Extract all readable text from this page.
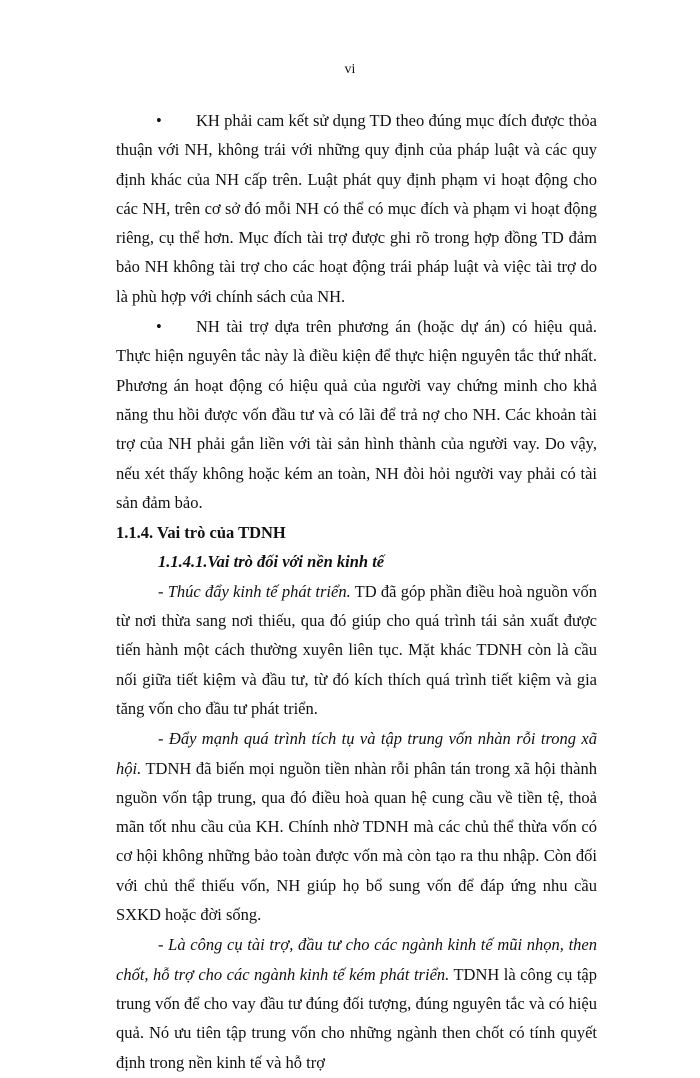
vi

• KH phải cam kết sử dụng TD theo đúng mục đích được thỏa thuận với NH, không trái với những quy định của pháp luật và các quy định khác của NH cấp trên. Luật phát quy định phạm vi hoạt động cho các NH, trên cơ sở đó mỗi NH có thể có mục đích và phạm vi hoạt động riêng, cụ thể hơn. Mục đích tài trợ được ghi rõ trong hợp đồng TD đảm bảo NH không tài trợ cho các hoạt động trái pháp luật và việc tài trợ do là phù hợp với chính sách của NH.

• NH tài trợ dựa trên phương án (hoặc dự án) có hiệu quả. Thực hiện nguyên tắc này là điều kiện để thực hiện nguyên tắc thứ nhất. Phương án hoạt động có hiệu quả của người vay chứng minh cho khả năng thu hồi được vốn đầu tư và có lãi để trả nợ cho NH. Các khoản tài trợ của NH phải gắn liền với tài sản hình thành của người vay. Do vậy, nếu xét thấy không hoặc kém an toàn, NH đòi hỏi người vay phải có tài sản đảm bảo.

1.1.4. Vai trò của TDNH

1.1.4.1.Vai trò đối với nền kinh tế

- Thúc đẩy kinh tế phát triển. TD đã góp phần điều hoà nguồn vốn từ nơi thừa sang nơi thiếu, qua đó giúp cho quá trình tái sản xuất được tiến hành một cách thường xuyên liên tục. Mặt khác TDNH còn là cầu nối giữa tiết kiệm và đầu tư, từ đó kích thích quá trình tiết kiệm và gia tăng vốn cho đầu tư phát triển.

- Đẩy mạnh quá trình tích tụ và tập trung vốn nhàn rỗi trong xã hội. TDNH đã biến mọi nguồn tiền nhàn rỗi phân tán trong xã hội thành nguồn vốn tập trung, qua đó điều hoà quan hệ cung cầu về tiền tệ, thoả mãn tốt nhu cầu của KH. Chính nhờ TDNH mà các chủ thể thừa vốn có cơ hội không những bảo toàn được vốn mà còn tạo ra thu nhập. Còn đối với chủ thể thiếu vốn, NH giúp họ bổ sung vốn để đáp ứng nhu cầu SXKD hoặc đời sống.

- Là công cụ tài trợ, đầu tư cho các ngành kinh tế mũi nhọn, then chốt, hỗ trợ cho các ngành kinh tế kém phát triển. TDNH là công cụ tập trung vốn để cho vay đầu tư đúng đối tượng, đúng nguyên tắc và có hiệu quả. Nó ưu tiên tập trung vốn cho những ngành then chốt có tính quyết định trong nền kinh tế và hỗ trợ
